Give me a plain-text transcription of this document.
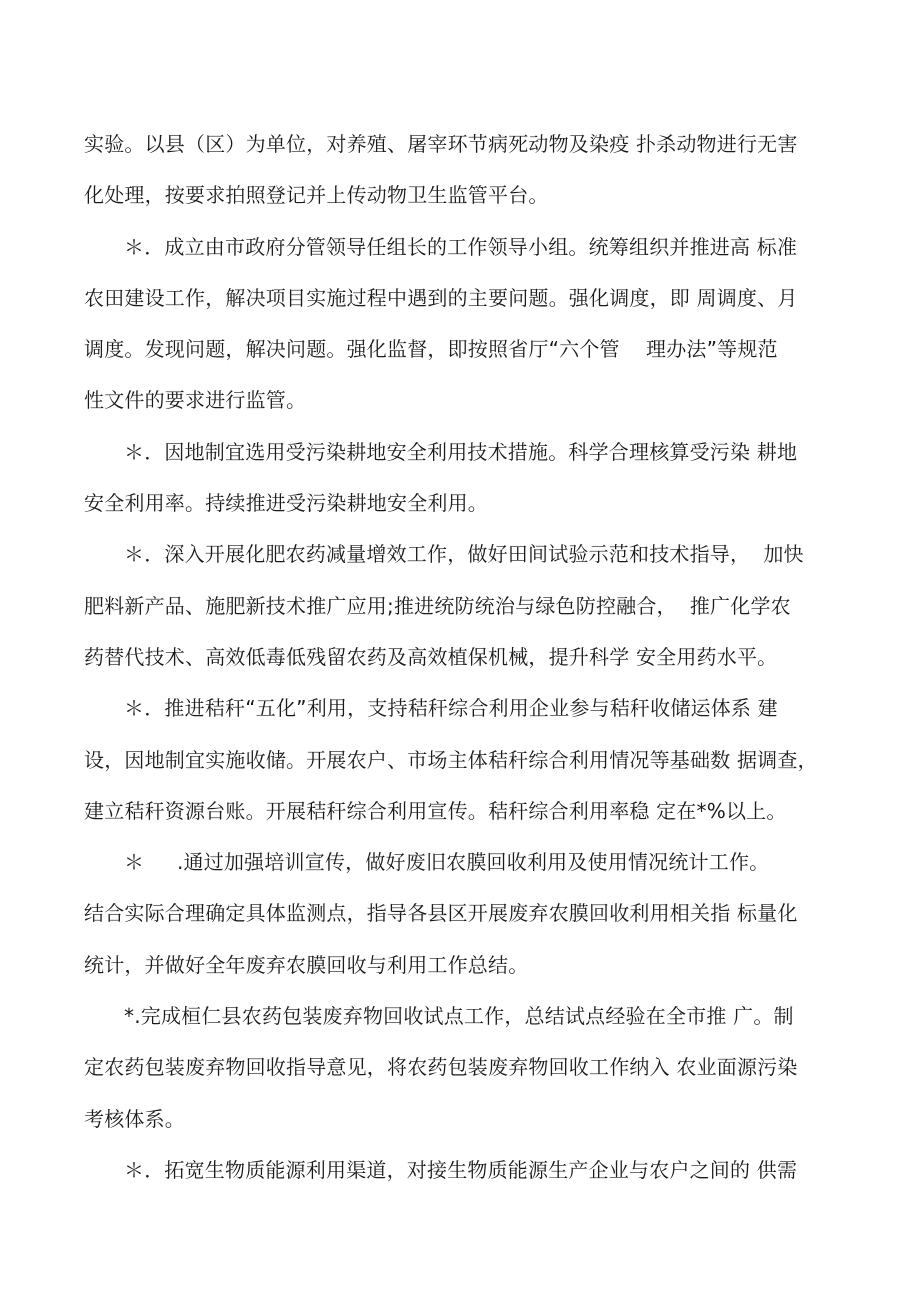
实验。以县（区）为单位，对养殖、屠宰环节病死动物及染疫 扑杀动物进行无害
化处理，按要求拍照登记并上传动物卫生监管平台。
＊．成立由市政府分管领导任组长的工作领导小组。统筹组织并推进高 标准
农田建设工作，解决项目实施过程中遇到的主要问题。强化调度，即 周调度、月
调度。发现问题，解决问题。强化监督，即按照省厅“六个管    理办法”等规范
性文件的要求进行监管。
＊．因地制宜选用受污染耕地安全利用技术措施。科学合理核算受污染 耕地
安全利用率。持续推进受污染耕地安全利用。
＊．深入开展化肥农药减量增效工作，做好田间试验示范和技术指导，  加快
肥料新产品、施肥新技术推广应用;推进统防统治与绿色防控融合，  推广化学农
药替代技术、高效低毒低残留农药及高效植保机械，提升科学 安全用药水平。
＊．推进秸秆“五化”利用，支持秸秆综合利用企业参与秸秆收储运体系 建
设，因地制宜实施收储。开展农户、市场主体秸秆综合利用情况等基础数 据调查，
建立秸秆资源台账。开展秸秆综合利用宣传。秸秆综合利用率稳 定在*%以上。
＊     .通过加强培训宣传，做好废旧农膜回收利用及使用情况统计工作。
结合实际合理确定具体监测点，指导各县区开展废弃农膜回收利用相关指 标量化
统计，并做好全年废弃农膜回收与利用工作总结。
*.完成桓仁县农药包装废弃物回收试点工作，总结试点经验在全市推 广。制
定农药包装废弃物回收指导意见，将农药包装废弃物回收工作纳入 农业面源污染
考核体系。
＊．拓宽生物质能源利用渠道，对接生物质能源生产企业与农户之间的 供需
